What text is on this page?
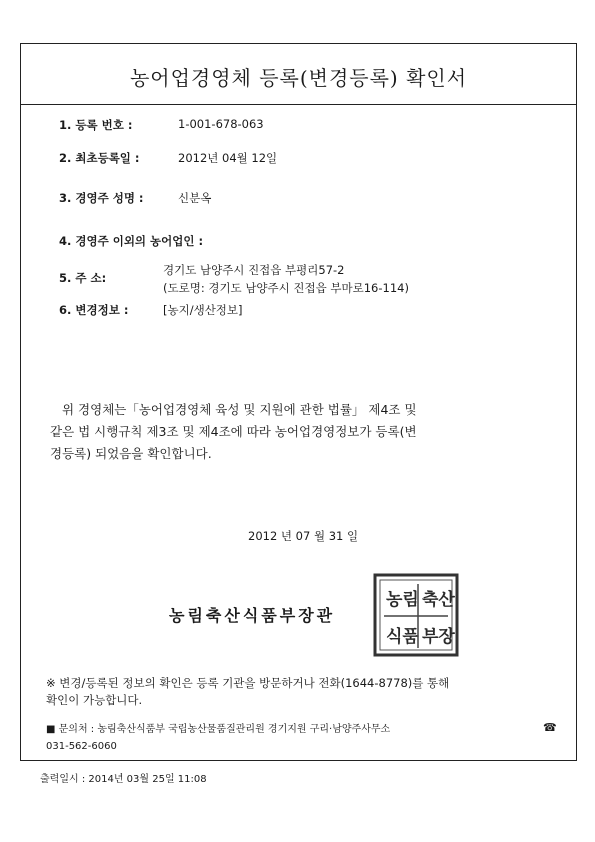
농어업경영체 등록(변경등록) 확인서
1. 등록 번호 :	1-001-678-063
2. 최초등록일 :	2012년 04월 12일
3. 경영주 성명 :	신분옥
4. 경영주 이외의 농어업인 :
5. 주 소:
경기도 남양주시 진접읍 부평리57-2
(도로명: 경기도 남양주시 진접읍 부마로16-114)
6. 변경정보 :	[농지/생산정보]
위 경영체는「농어업경영체 육성 및 지원에 관한 법률」 제4조 및
같은 법 시행규칙 제3조 및 제4조에 따라 농어업경영정보가 등록(변
경등록) 되었음을 확인합니다.
2012 년 07 월 31 일
농림축산식품부장관
농림 축산
식품 부장
※ 변경/등록된 정보의 확인은 등록 기관을 방문하거나 전화(1644-8778)를 통해
확인이 가능합니다.
■ 문의처 : 농림축산식품부 국립농산물품질관리원 경기지원 구리·남양주사무소
031-562-6060
☎
출력일시 : 2014년 03월 25일 11:08
